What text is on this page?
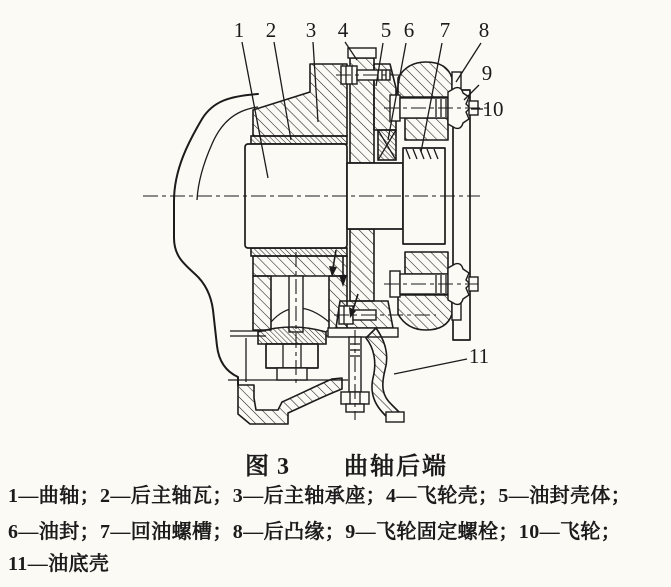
1 2 3 4 5 6 7 8
9
10
11
图 3 曲轴后端
1—曲轴；2—后主轴瓦；3—后主轴承座；4—飞轮壳；5—油封壳体；
6—油封；7—回油螺槽；8—后凸缘；9—飞轮固定螺栓；10—飞轮；
11—油底壳
